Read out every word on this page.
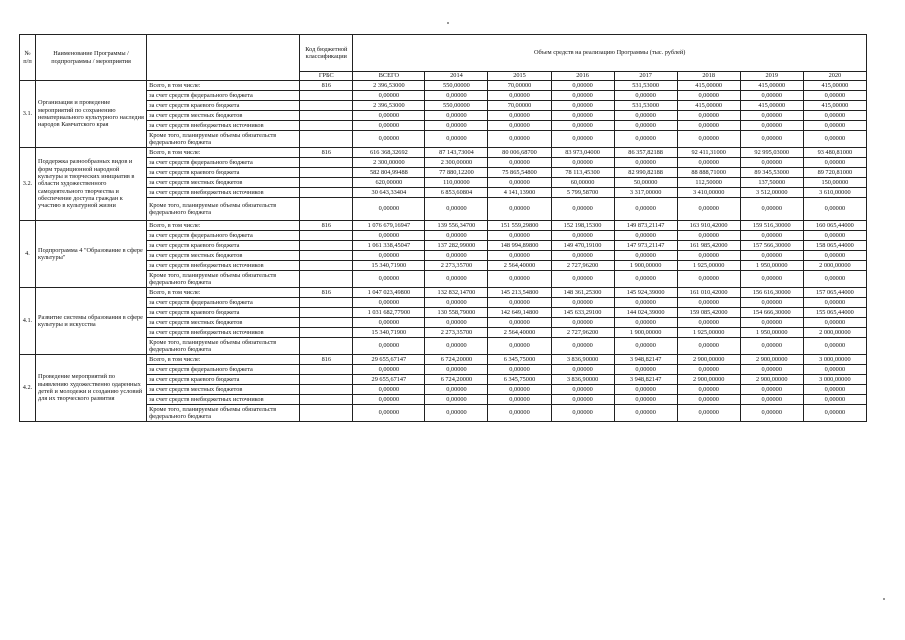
№ п/п	Наименование Программы / подпрограммы / мероприятия		Код бюджетной классификации	Объем средств на реализацию Программы (тыс. рублей)							
			ГРБС	ВСЕГО	2014	2015	2016	2017	2018	2019	2020
3.1.	Организация и проведение мероприятий по сохранению нематериального культурного наследия народов Камчатского края	Всего, в том числе:	816	2 396,53000	550,00000	70,00000	0,00000	531,53000	415,00000	415,00000	415,00000
		за счет средств федерального бюджета		0,00000	0,00000	0,00000	0,00000	0,00000	0,00000	0,00000	0,00000
		за счет средств краевого бюджета		2 396,53000	550,00000	70,00000	0,00000	531,53000	415,00000	415,00000	415,00000
		за счет средств местных бюджетов		0,00000	0,00000	0,00000	0,00000	0,00000	0,00000	0,00000	0,00000
		за счет средств внебюджетных источников		0,00000	0,00000	0,00000	0,00000	0,00000	0,00000	0,00000	0,00000
		Кроме того, планируемые объемы обязательств федерального бюджета		0,00000	0,00000	0,00000	0,00000	0,00000	0,00000	0,00000	0,00000
3.2.	Поддержка разнообразных видов и форм традиционной народной культуры и творческих инициатив в области художественного самодеятельного творчества и обеспечение доступа граждан к участию в культурной жизни	Всего, в том числе:	816	616 368,32692	87 143,73004	80 006,68700	83 973,04000	86 357,82188	92 411,31000	92 995,03000	93 480,81000
		за счет средств федерального бюджета		2 300,00000	2 300,00000	0,00000	0,00000	0,00000	0,00000	0,00000	0,00000
		за счет средств краевого бюджета		582 804,99488	77 880,12200	75 865,54800	78 113,45300	82 990,82188	88 888,71000	89 345,53000	89 720,81000
		за счет средств местных бюджетов		620,00000	110,00000	0,00000	60,00000	50,00000	112,50000	137,50000	150,00000
		за счет средств внебюджетных источников		30 643,33404	6 853,60804	4 141,13900	5 799,58700	3 317,00000	3 410,00000	3 512,00000	3 610,00000
		Кроме того, планируемые объемы обязательств федерального бюджета		0,00000	0,00000	0,00000	0,00000	0,00000	0,00000	0,00000	0,00000
4.	Подпрограмма 4 "Образование в сфере культуры"	Всего, в том числе:	816	1 076 679,16947	139 556,34700	151 559,29800	152 198,15300	149 873,21147	163 910,42000	159 516,30000	160 065,44000
		за счет средств федерального бюджета		0,00000	0,00000	0,00000	0,00000	0,00000	0,00000	0,00000	0,00000
		за счет средств краевого бюджета		1 061 338,45047	137 282,99000	148 994,89800	149 470,19100	147 973,21147	161 985,42000	157 566,30000	158 065,44000
		за счет средств местных бюджетов		0,00000	0,00000	0,00000	0,00000	0,00000	0,00000	0,00000	0,00000
		за счет средств внебюджетных источников		15 340,71900	2 273,35700	2 564,40000	2 727,96200	1 900,00000	1 925,00000	1 950,00000	2 000,00000
		Кроме того, планируемые объемы обязательств федерального бюджета		0,00000	0,00000	0,00000	0,00000	0,00000	0,00000	0,00000	0,00000
4.1.	Развитие системы образования в сфере культуры и искусства	Всего, в том числе:	816	1 047 023,49800	132 832,14700	145 213,54800	148 361,25300	145 924,39000	161 010,42000	156 616,30000	157 065,44000
		за счет средств федерального бюджета		0,00000	0,00000	0,00000	0,00000	0,00000	0,00000	0,00000	0,00000
		за счет средств краевого бюджета		1 031 682,77900	130 558,79000	142 649,14800	145 633,29100	144 024,39000	159 085,42000	154 666,30000	155 065,44000
		за счет средств местных бюджетов		0,00000	0,00000	0,00000	0,00000	0,00000	0,00000	0,00000	0,00000
		за счет средств внебюджетных источников		15 340,71900	2 273,35700	2 564,40000	2 727,96200	1 900,00000	1 925,00000	1 950,00000	2 000,00000
		Кроме того, планируемые объемы обязательств федерального бюджета		0,00000	0,00000	0,00000	0,00000	0,00000	0,00000	0,00000	0,00000
4.2.	Проведение мероприятий по выявлению художественно одаренных детей и молодежи и созданию условий для их творческого развития	Всего, в том числе:	816	29 655,67147	6 724,20000	6 345,75000	3 836,90000	3 948,82147	2 900,00000	2 900,00000	3 000,00000
		за счет средств федерального бюджета		0,00000	0,00000	0,00000	0,00000	0,00000	0,00000	0,00000	0,00000
		за счет средств краевого бюджета		29 655,67147	6 724,20000	6 345,75000	3 836,90000	3 948,82147	2 900,00000	2 900,00000	3 000,00000
		за счет средств местных бюджетов		0,00000	0,00000	0,00000	0,00000	0,00000	0,00000	0,00000	0,00000
		за счет средств внебюджетных источников		0,00000	0,00000	0,00000	0,00000	0,00000	0,00000	0,00000	0,00000
		Кроме того, планируемые объемы обязательств федерального бюджета		0,00000	0,00000	0,00000	0,00000	0,00000	0,00000	0,00000	0,00000
